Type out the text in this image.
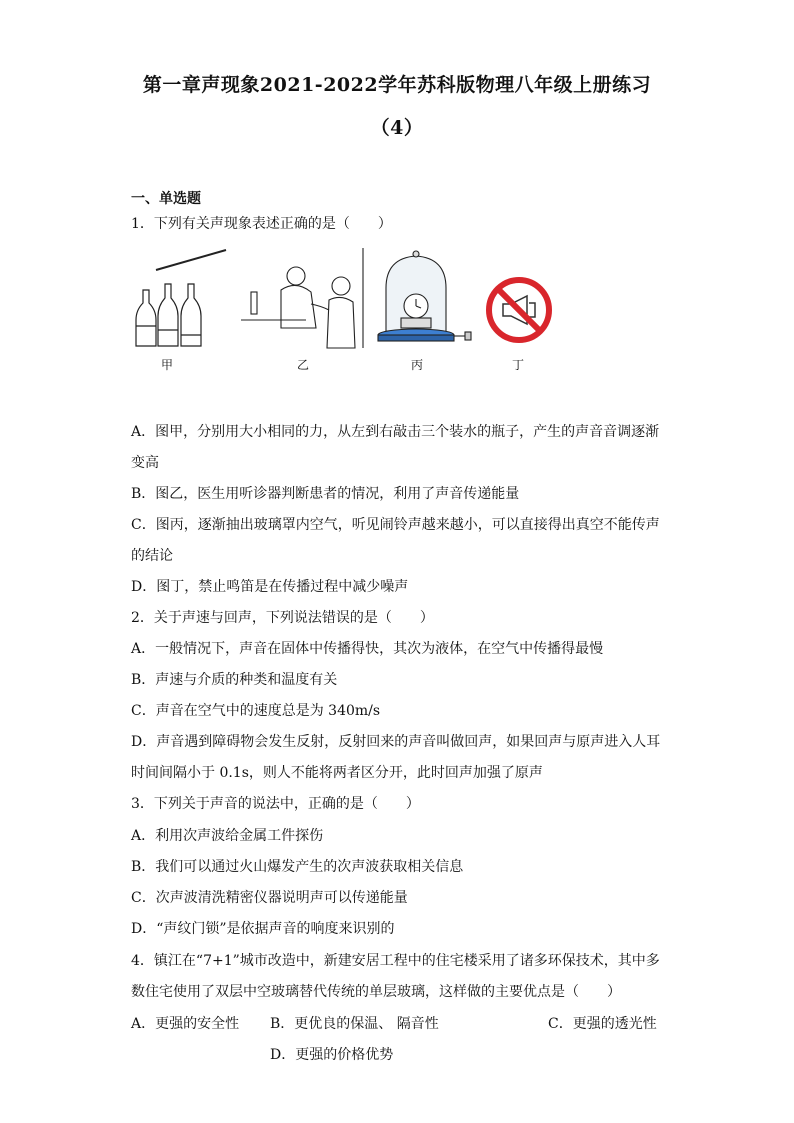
第一章声现象2021-2022学年苏科版物理八年级上册练习
（4）
一、单选题
1．下列有关声现象表述正确的是（　　）
甲	乙	丙	丁
A．图甲，分别用大小相同的力，从左到右敲击三个装水的瓶子，产生的声音音调逐渐
变高
B．图乙，医生用听诊器判断患者的情况，利用了声音传递能量
C．图丙，逐渐抽出玻璃罩内空气，听见闹铃声越来越小，可以直接得出真空不能传声
的结论
D．图丁，禁止鸣笛是在传播过程中减少噪声
2．关于声速与回声，下列说法错误的是（　　）
A．一般情况下，声音在固体中传播得快，其次为液体，在空气中传播得最慢
B．声速与介质的种类和温度有关
C．声音在空气中的速度总是为 340m/s
D．声音遇到障碍物会发生反射，反射回来的声音叫做回声，如果回声与原声进入人耳
时间间隔小于 0.1s，则人不能将两者区分开，此时回声加强了原声
3．下列关于声音的说法中，正确的是（　　）
A．利用次声波给金属工件探伤
B．我们可以通过火山爆发产生的次声波获取相关信息
C．次声波清洗精密仪器说明声可以传递能量
D．“声纹门锁”是依据声音的响度来识别的
4．镇江在“7+1”城市改造中，新建安居工程中的住宅楼采用了诸多环保技术，其中多
数住宅使用了双层中空玻璃替代传统的单层玻璃，这样做的主要优点是（　　）
A．更强的安全性 B．更优良的保温、 隔音性	C．更强的透光性
D．更强的价格优势
